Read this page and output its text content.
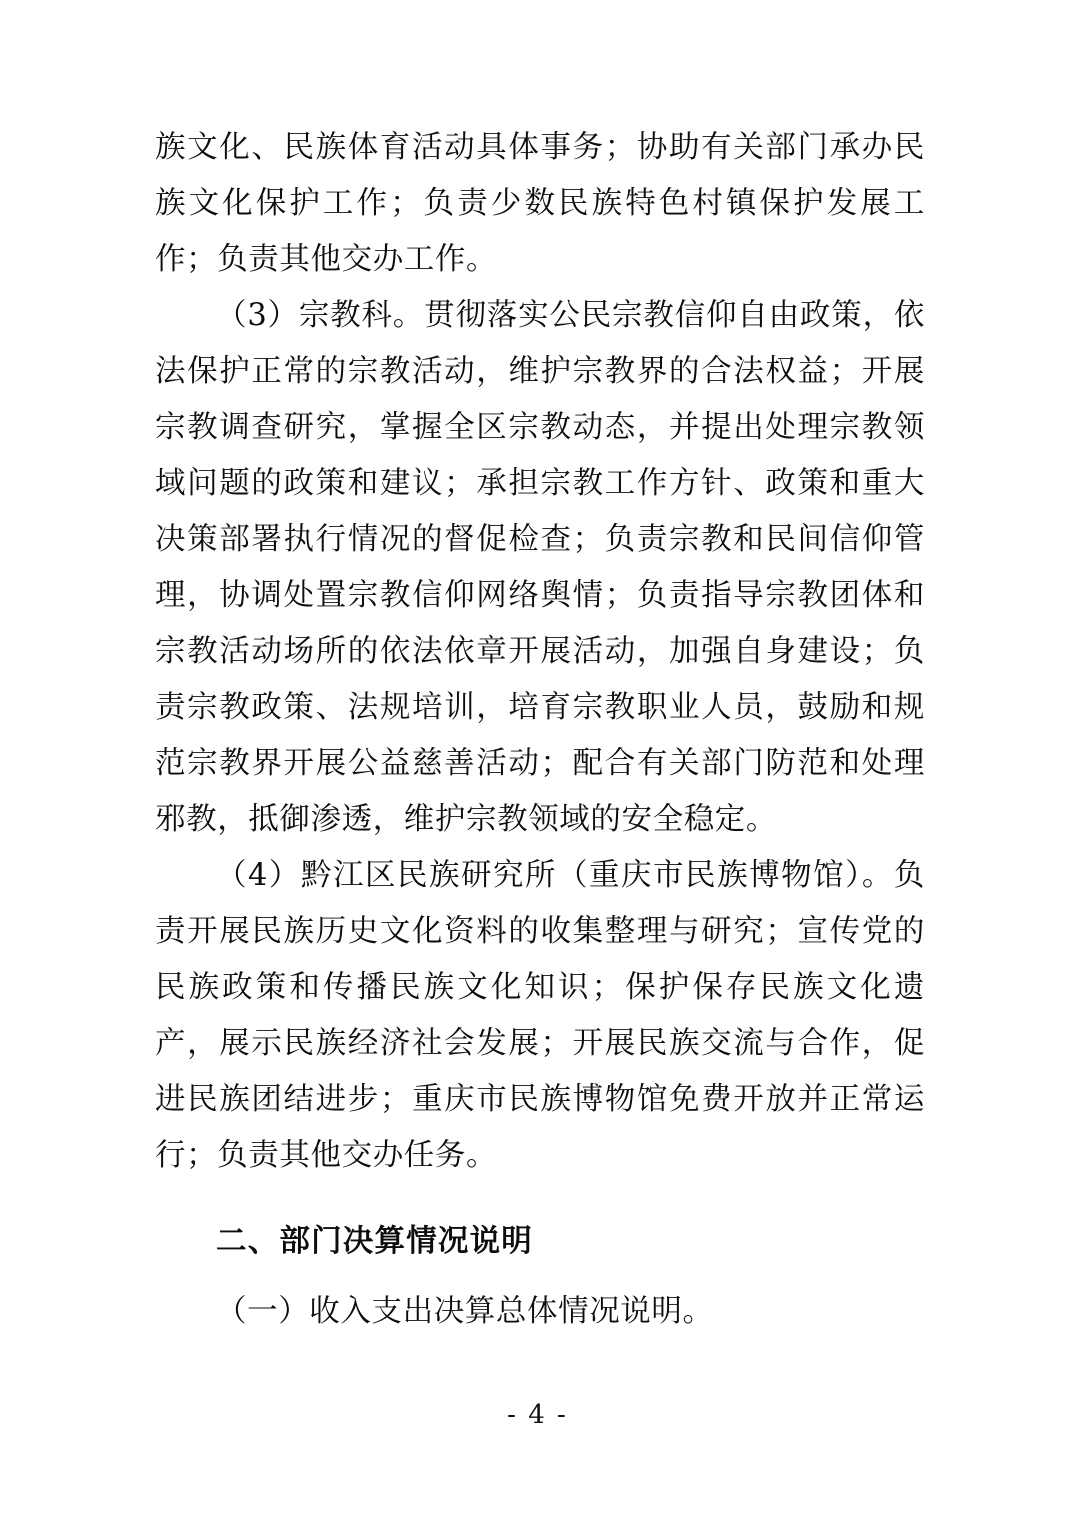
族文化、民族体育活动具体事务；协助有关部门承办民族文化保护工作；负责少数民族特色村镇保护发展工作；负责其他交办工作。

（3）宗教科。贯彻落实公民宗教信仰自由政策，依法保护正常的宗教活动，维护宗教界的合法权益；开展宗教调查研究，掌握全区宗教动态，并提出处理宗教领域问题的政策和建议；承担宗教工作方针、政策和重大决策部署执行情况的督促检查；负责宗教和民间信仰管理，协调处置宗教信仰网络舆情；负责指导宗教团体和宗教活动场所的依法依章开展活动，加强自身建设；负责宗教政策、法规培训，培育宗教职业人员，鼓励和规范宗教界开展公益慈善活动；配合有关部门防范和处理邪教，抵御渗透，维护宗教领域的安全稳定。

（4）黔江区民族研究所（重庆市民族博物馆）。负责开展民族历史文化资料的收集整理与研究；宣传党的民族政策和传播民族文化知识；保护保存民族文化遗产，展示民族经济社会发展；开展民族交流与合作，促进民族团结进步；重庆市民族博物馆免费开放并正常运行；负责其他交办任务。

二、部门决算情况说明

（一）收入支出决算总体情况说明。

- 4 -
